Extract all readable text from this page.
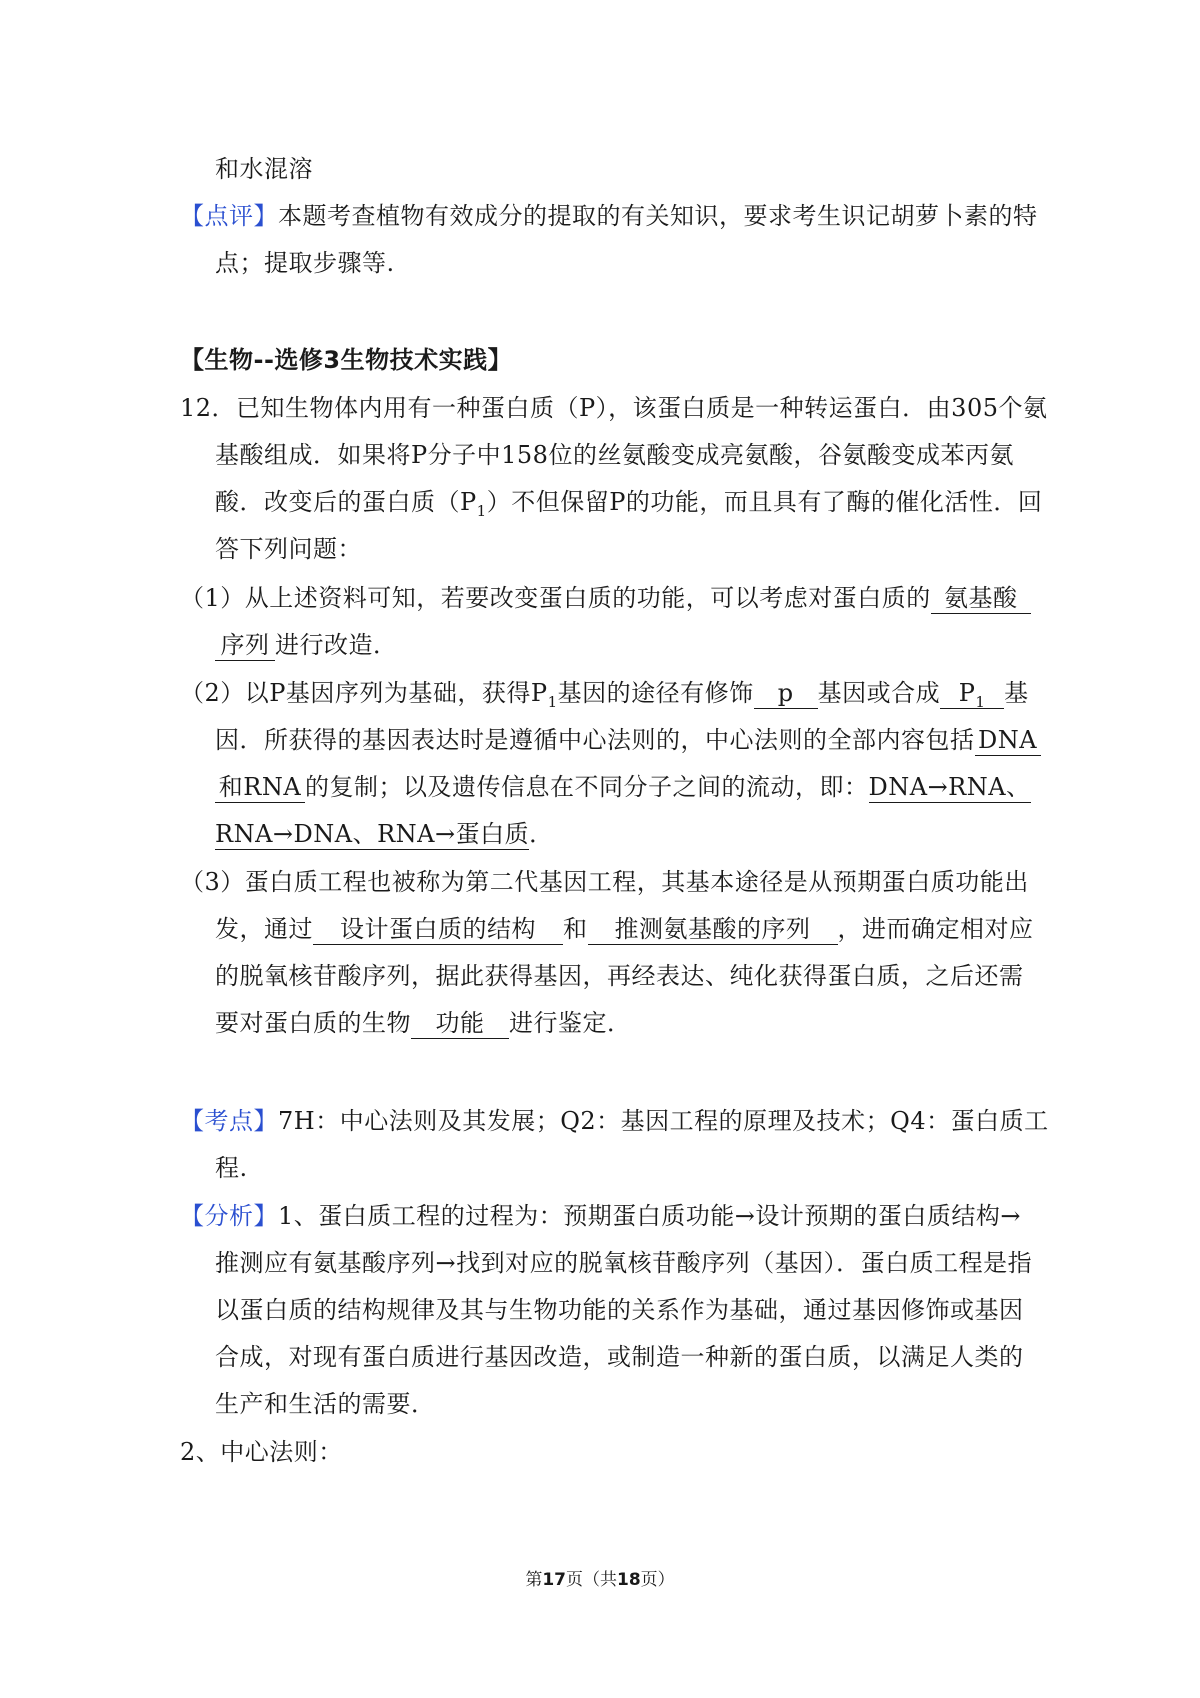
和水混溶
【点评】本题考查植物有效成分的提取的有关知识，要求考生识记胡萝卜素的特
点；提取步骤等.
【生物--选修3生物技术实践】
12．已知生物体内用有一种蛋白质（P），该蛋白质是一种转运蛋白．由305个氨
基酸组成．如果将P分子中158位的丝氨酸变成亮氨酸，谷氨酸变成苯丙氨
酸．改变后的蛋白质$(P_1)$不但保留P的功能，而且具有了酶的催化活性．回
答下列问题：
（1）从上述资料可知，若要改变蛋白质的功能，可以考虑对蛋白质的氨基酸
序列进行改造．
（2）以P基因序列为基础，获得$P_1$基因的途径有修饰 p 基因或合成 $P_1$ 基
因．所获得的基因表达时是遵循中心法则的，中心法则的全部内容包括DNA
和RNA的复制；以及遗传信息在不同分子之间的流动，即：DNA→RNA、
RNA→DNA、RNA→蛋白质．
（3）蛋白质工程也被称为第二代基因工程，其基本途径是从预期蛋白质功能出
发，通过 设计蛋白质的结构 和 推测氨基酸的序列 ，进而确定相对应
的脱氧核苷酸序列，据此获得基因，再经表达、纯化获得蛋白质，之后还需
要对蛋白质的生物 功能 进行鉴定．
【考点】7H：中心法则及其发展；Q2：基因工程的原理及技术；Q4：蛋白质工
程.
【分析】1、蛋白质工程的过程为：预期蛋白质功能→设计预期的蛋白质结构→
推测应有氨基酸序列→找到对应的脱氧核苷酸序列（基因）．蛋白质工程是指
以蛋白质的结构规律及其与生物功能的关系作为基础，通过基因修饰或基因
合成，对现有蛋白质进行基因改造，或制造一种新的蛋白质，以满足人类的
生产和生活的需要．
2、中心法则：
第17页（共18页）
